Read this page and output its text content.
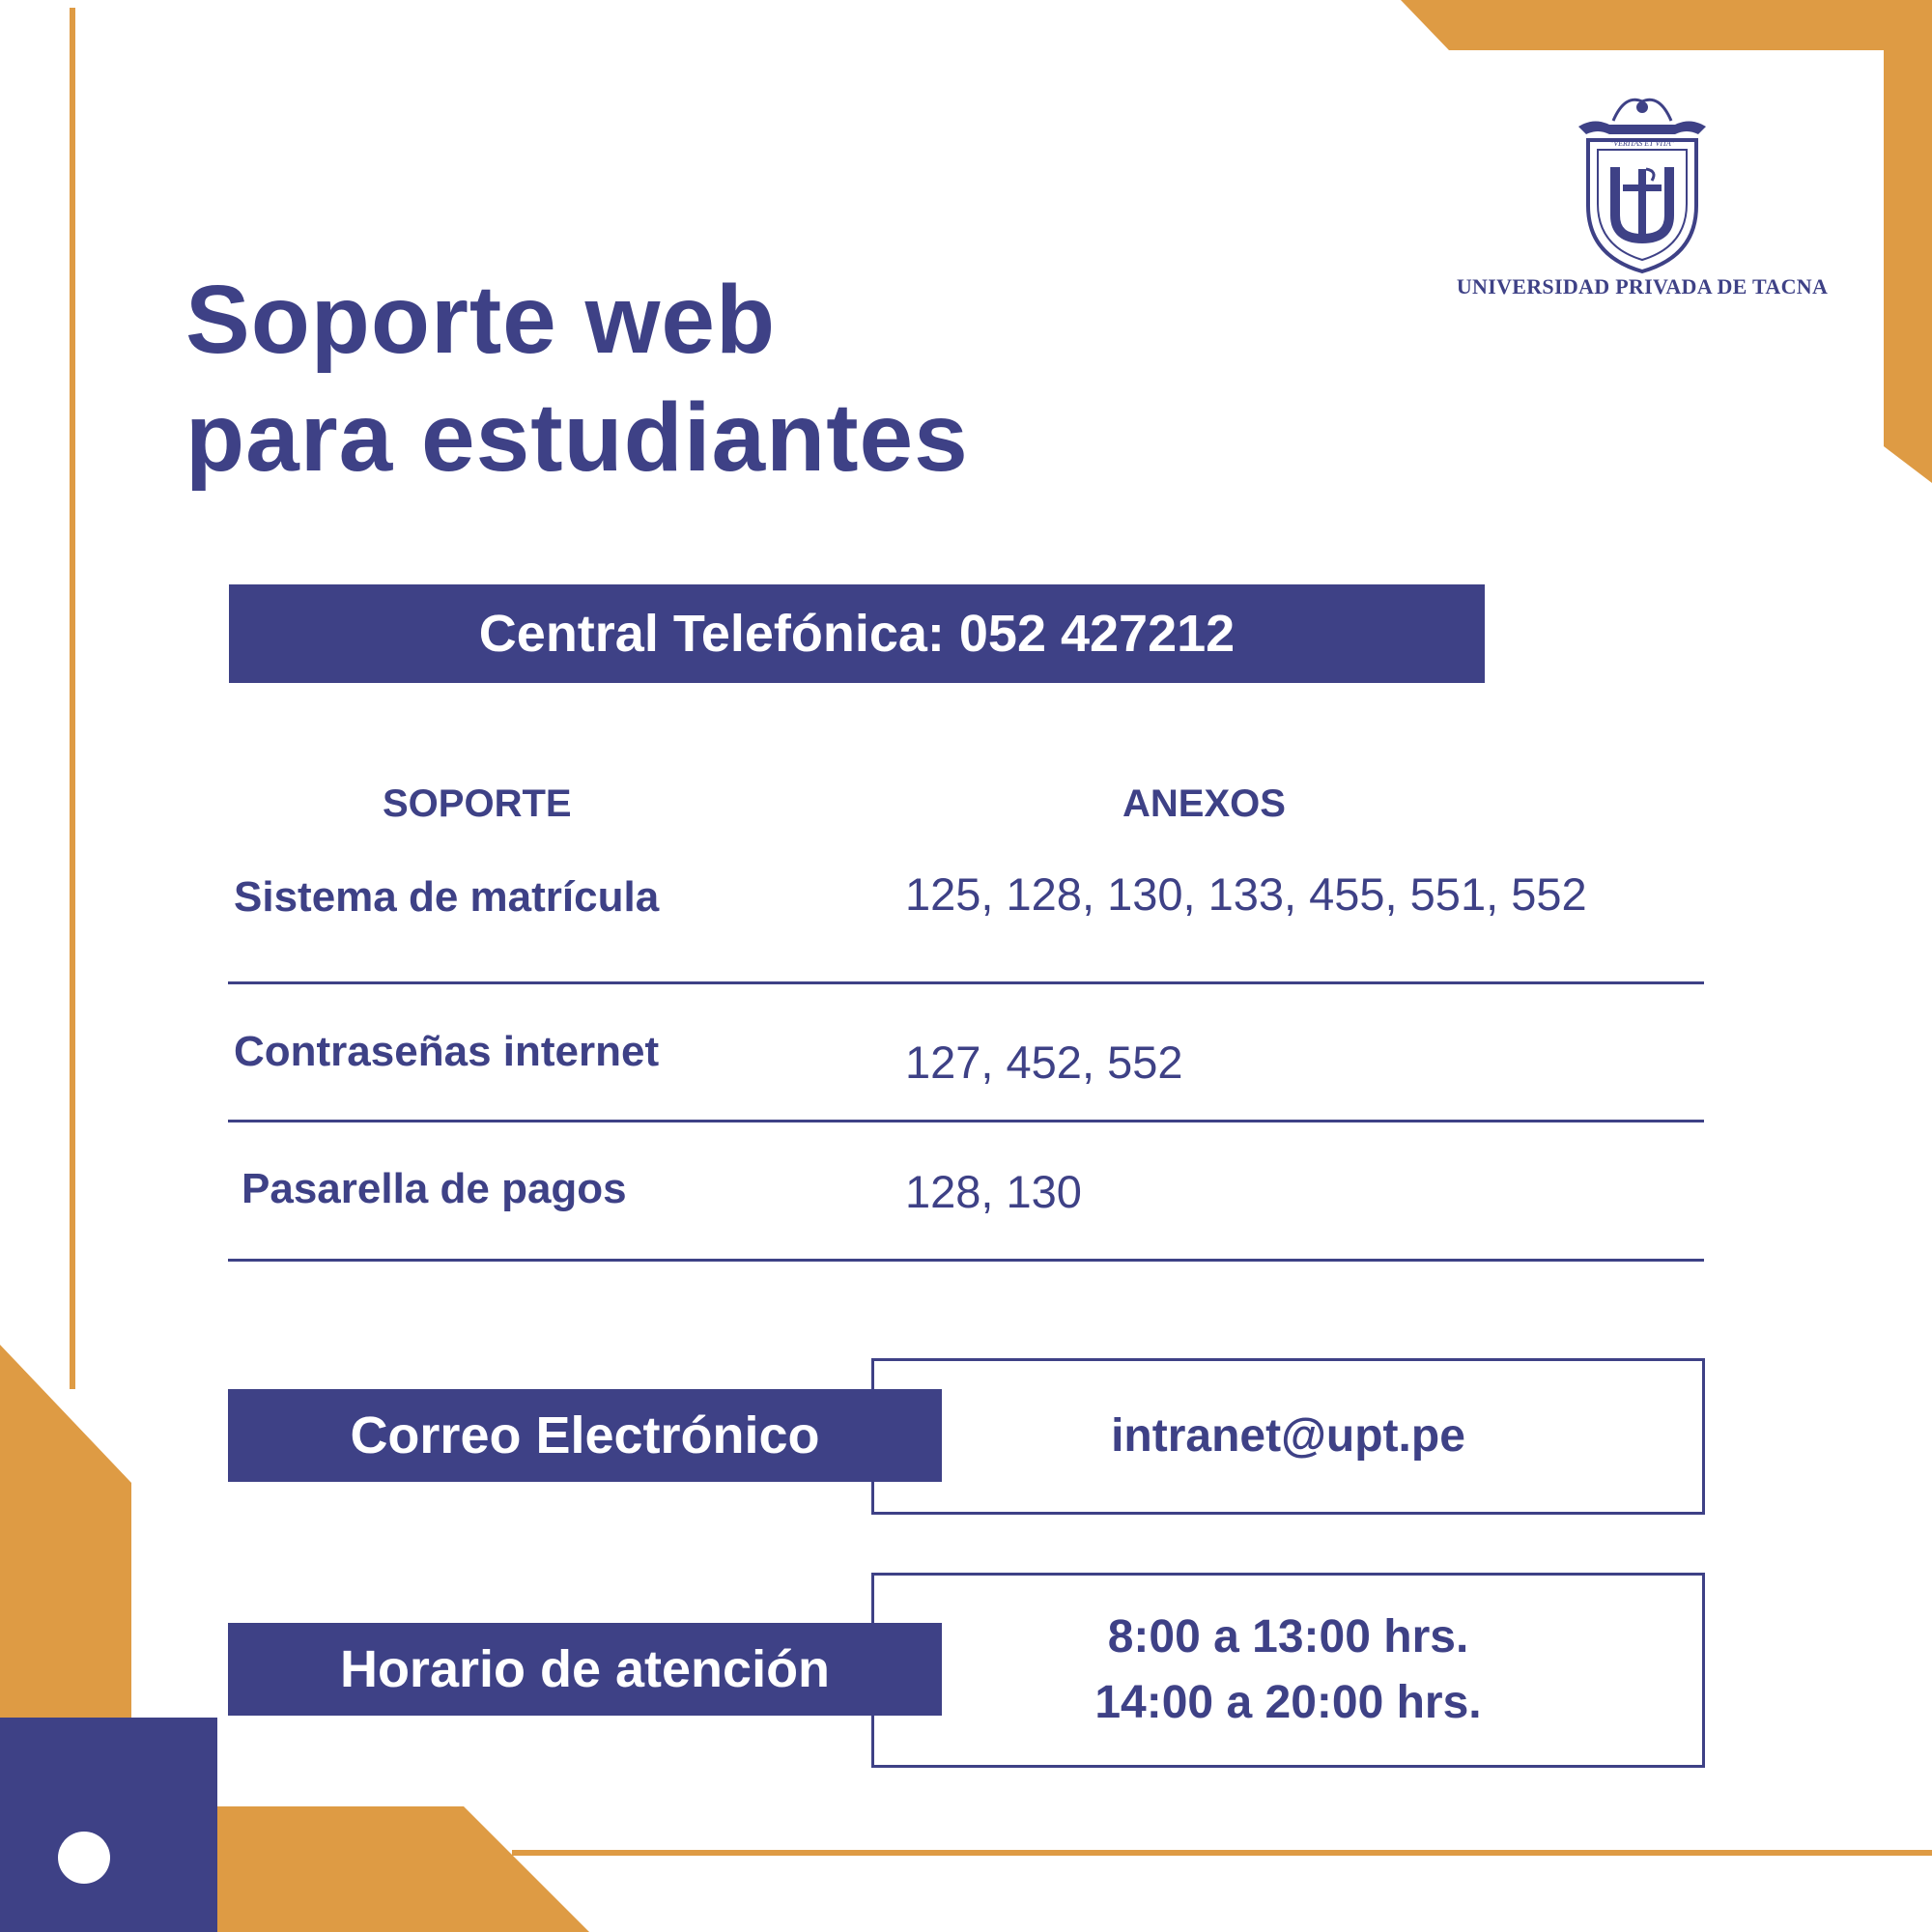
"VERITAS ET VITA"
UNIVERSIDAD PRIVADA DE TACNA
Soporte web
para estudiantes
Central Telefónica: 052 427212
SOPORTE	ANEXOS
Sistema de matrícula	125, 128, 130, 133, 455, 551, 552
Contraseñas internet	127, 452, 552
Pasarella de pagos	128, 130
intranet@upt.pe
Correo Electrónico
8:00 a 13:00 hrs.
14:00 a 20:00 hrs.
Horario de atención
